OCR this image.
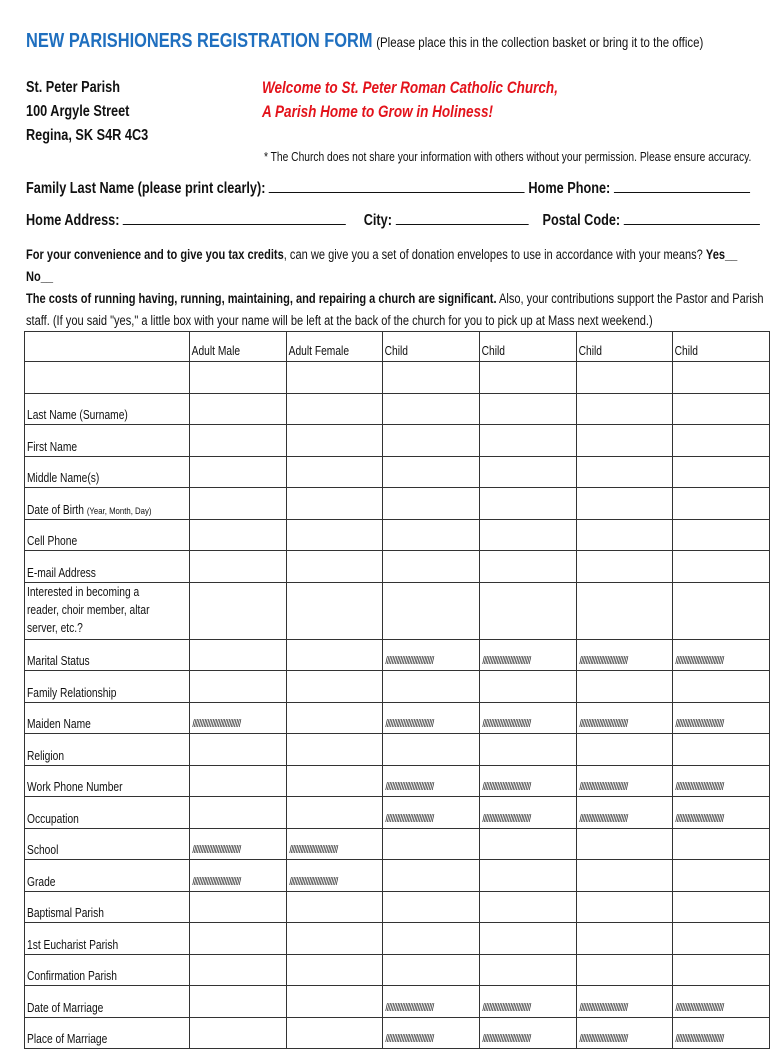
NEW PARISHIONERS REGISTRATION FORM (Please place this in the collection basket or bring it to the office)
St. Peter Parish
100 Argyle Street
Regina, SK S4R 4C3
Welcome to St. Peter Roman Catholic Church,
A Parish Home to Grow in Holiness!
* The Church does not share your information with others without your permission. Please ensure accuracy.
Family Last Name (please print clearly):	Home Phone:
Home Address:	City:	Postal Code:
For your convenience and to give you tax credits, can we give you a set of donation envelopes to use in accordance with your means? Yes__ No__
The costs of running having, running, maintaining, and repairing a church are significant. Also, your contributions support the Pastor and Parish
staff. (If you said "yes," a little box with your name will be left at the back of the church for you to pick up at Mass next weekend.)
	Adult Male	Adult Female	Child	Child	Child	Child

Last Name (Surname)						
First Name						
Middle Name(s)						
Date of Birth (Year, Month, Day)						
Cell Phone						
E-mail Address						

Interested in becoming a reader, choir member, altar server, etc.?						

Marital Status			//////////////////////////////	//////////////////////////////	//////////////////////////////	//////////////////////////////

Family Relationship						
Maiden Name	//////////////////////////////		//////////////////////////////	//////////////////////////////	//////////////////////////////	//////////////////////////////

Religion						
Work Phone Number			//////////////////////////////	//////////////////////////////	//////////////////////////////	//////////////////////////////

Occupation			//////////////////////////////	//////////////////////////////	//////////////////////////////	//////////////////////////////

School	//////////////////////////////	//////////////////////////////				

Grade	//////////////////////////////	//////////////////////////////				

Baptismal Parish						
1st Eucharist Parish						
Confirmation Parish						
Date of Marriage			//////////////////////////////	//////////////////////////////	//////////////////////////////	//////////////////////////////

Place of Marriage			//////////////////////////////	//////////////////////////////	//////////////////////////////	//////////////////////////////
